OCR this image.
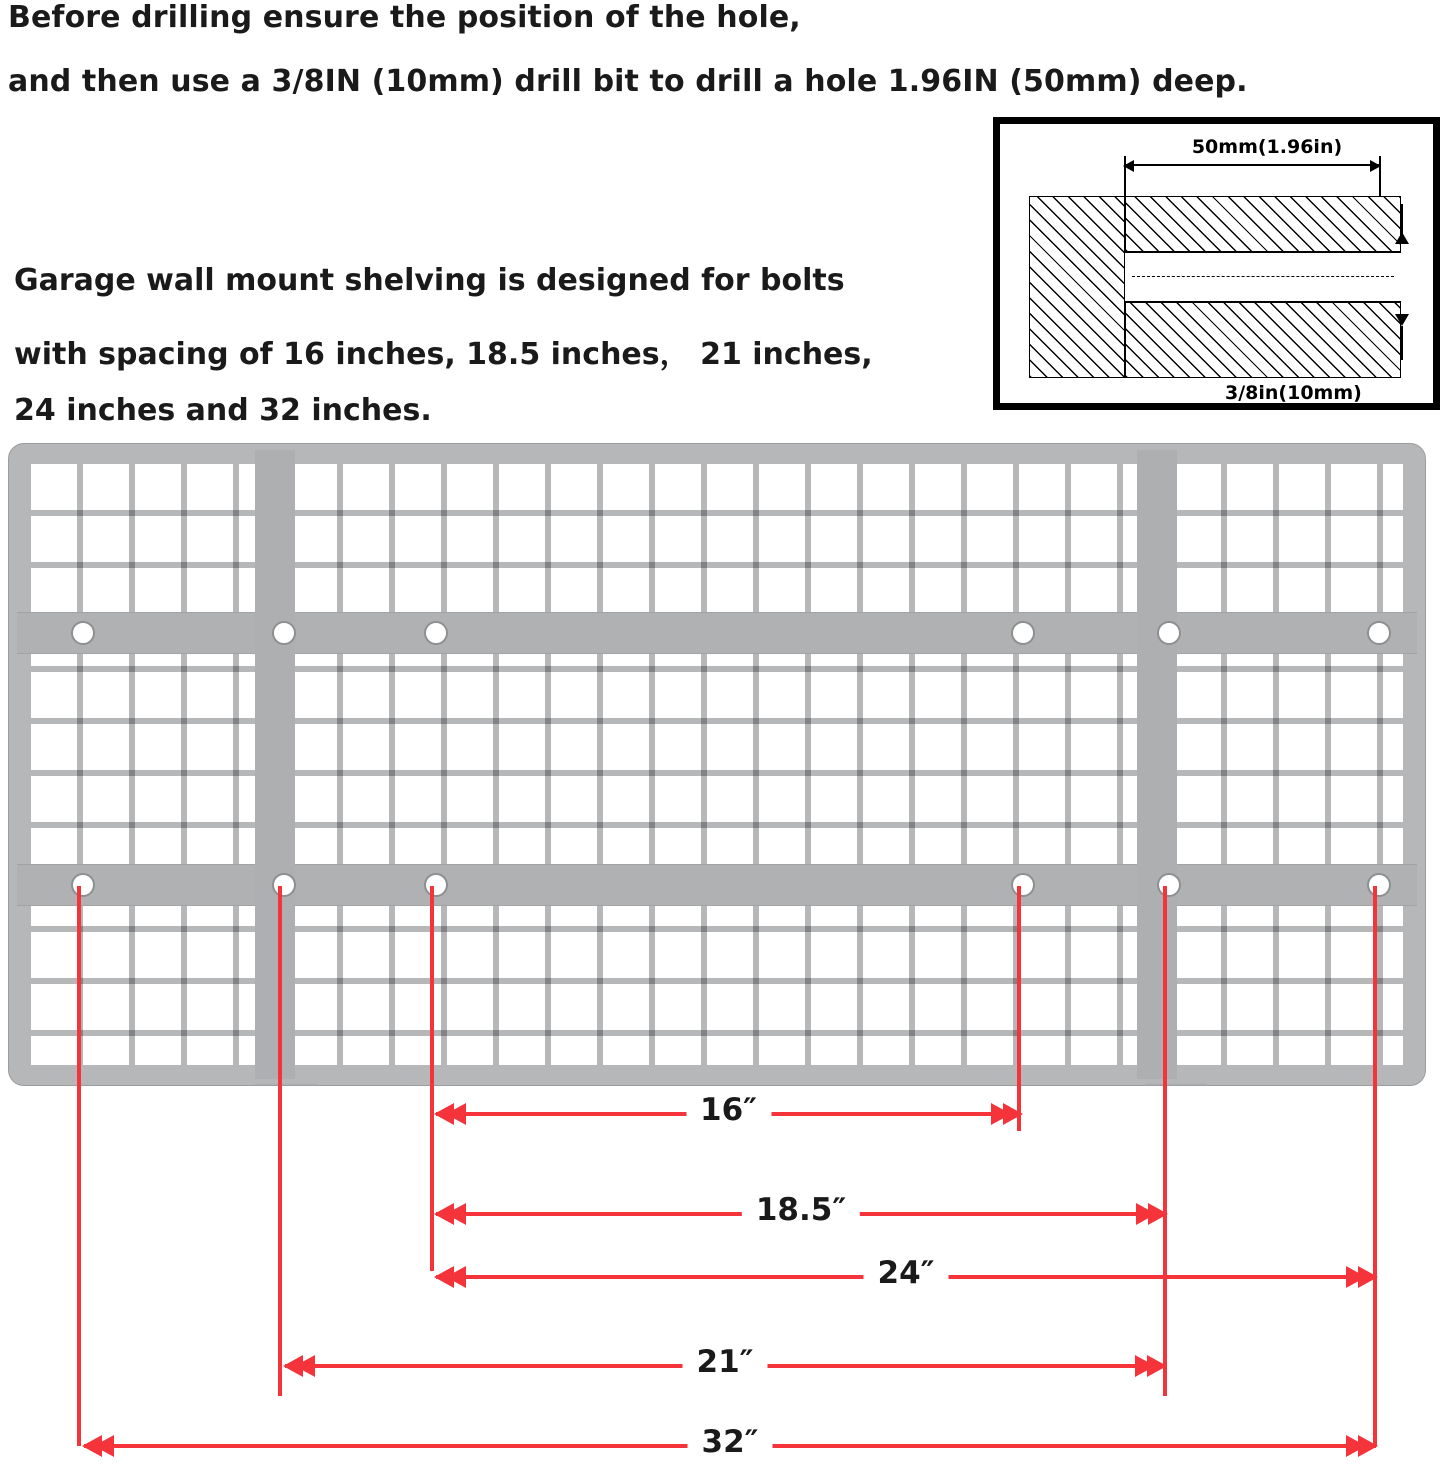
Before drilling ensure the position of the hole,
and then use a 3/8IN (10mm) drill bit to drill a hole 1.96IN (50mm) deep.
Garage wall mount shelving is designed for bolts
with spacing of 16 inches, 18.5 inches， 21 inches,
24 inches and 32 inches.
50mm(1.96in)
3/8in(10mm)
16″
18.5″
24″
21″
32″
